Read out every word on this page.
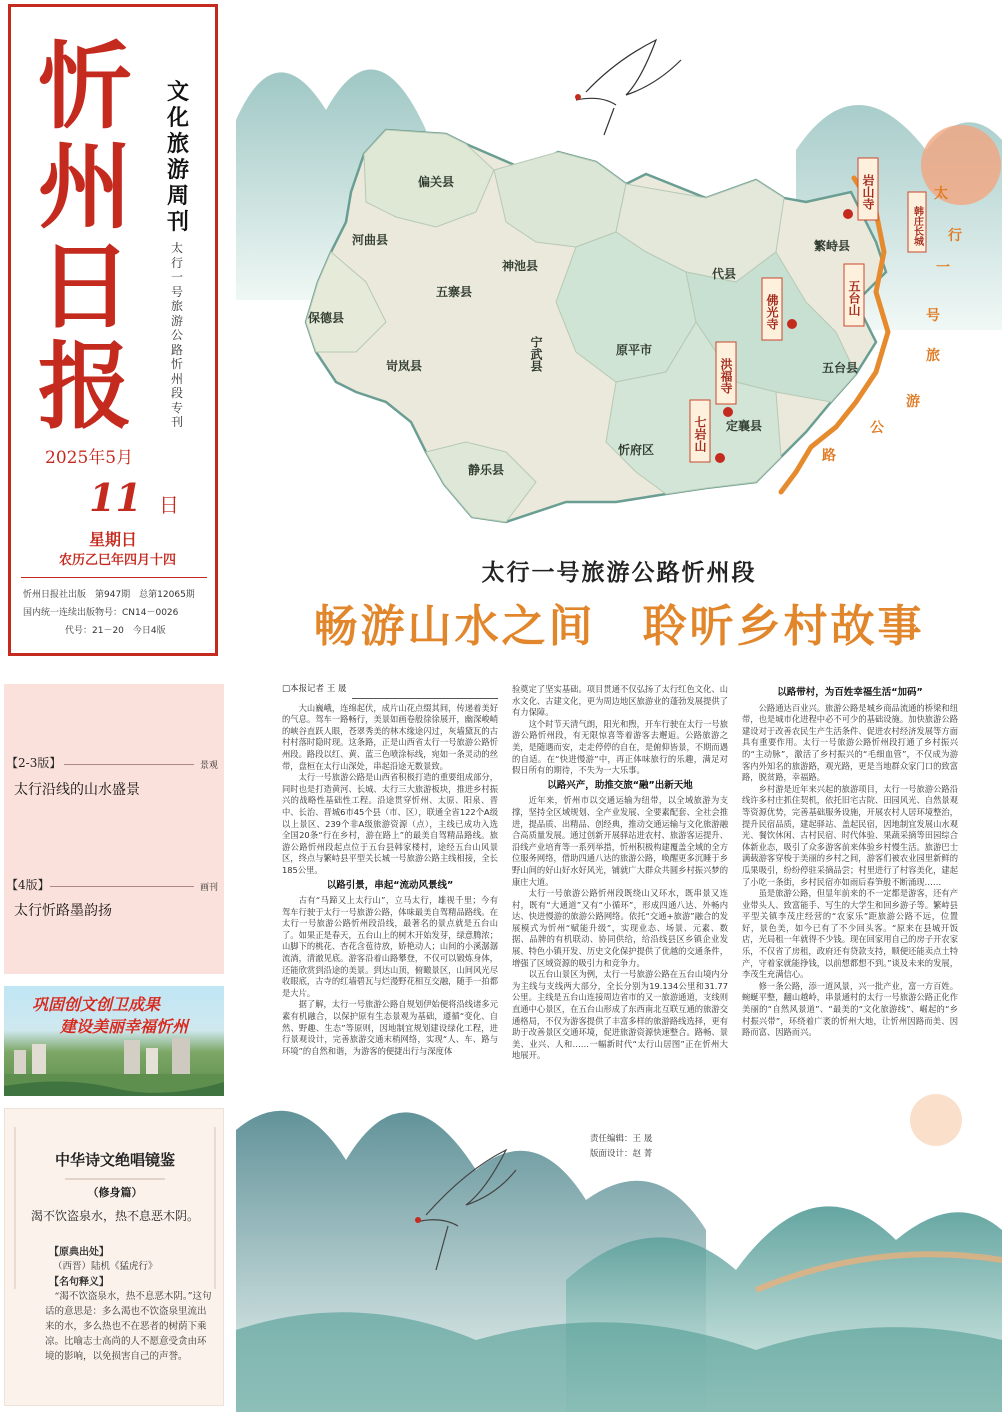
忻州日报
文化旅游周刊
太行一号旅游公路忻州段专刊
2025年5月
11 日
星期日
农历乙巳年四月十四
忻州日报社出版　第947期　总第12065期
国内统一连续出版物号：CN14－0026
代号：21－20　今日4版
【2-3版】	景观
太行沿线的山水盛景
【4版】	画刊
太行忻路墨韵扬
巩固创文创卫成果
建设美丽幸福忻州
中华诗文绝唱镜鉴
（修身篇）
渴不饮盗泉水，热不息恶木阴。
【原典出处】
（西晋）陆机《猛虎行》
【名句释义】
“渴不饮盗泉水，热不息恶木阴。”这句话的意思是：多么渴也不饮盗泉里流出来的水，多么热也不在恶者的树荫下乘凉。比喻志士高尚的人不愿意受贪由环境的影响，以免损害自己的声誉。
偏关县
河曲县
保德县
岢岚县
五寨县
神池县
宁武县	原平市
代县
繁峙县
五台县
定襄县
忻府区
静乐县
岩山寺
佛光寺
洪福寺
七岩山
五台山
韩庄长城
太
行
一
号
旅
游
公
路
太行一号旅游公路忻州段
畅游山水之间　聆听乡村故事
□本报记者 王 晟

大山巍峨，连绵起伏，成片山花点缀其间，传递着美好的气息。驾车一路畅行，美景如画卷般徐徐展开，幽深峻峭的峡谷直跃人眼，苍翠秀美的林木缘途闪过，灰墙黛瓦的古村村落时隐时现。这条路，正是山西省太行一号旅游公路忻州段。路段以红、黄、蓝三色喷涂标线，宛如一条灵动的丝带，盘桓在太行山深处，串起沿途无数景致。

太行一号旅游公路是山西省积极打造的重要组成部分，同时也是打造黄河、长城、太行三大旅游板块，推进乡村振兴的战略性基础性工程。沿途贯穿忻州、太原、阳泉、晋中、长治、晋城6市45个县（市、区），联通全省122个A级以上景区、239个非A级旅游资源（点），主线已成功入选全国20条“行在乡村，游在路上”的最美自驾精品路线。旅游公路忻州段起点位于五台县韩家楼村，途经五台山风景区，终点与繁峙县平型关长城一号旅游公路主线相接，全长185公里。

以路引景，串起“流动风景线”

古有“马蹄又上太行山”，立马太行，雄视千里；今有驾车行驶于太行一号旅游公路，体味最美自驾精品路线。在太行一号旅游公路忻州段沿线，最著名的景点就是五台山了。如果正是春天，五台山上的树木开始发芽，绿意腾浓；山脚下的桃花、杏花含苞待放，娇艳动人；山间的小溪潺潺流淌，清澈见底。游客沿着山路攀登，不仅可以锻炼身体，还能欣赏到沿途的美景。到达山顶，俯瞰景区，山间风光尽收眼底，古寺的红墙碧瓦与烂漫野花相互交融，随手一拍都是大片。

据了解，太行一号旅游公路自规划伊始便将沿线诸多元素有机融合，以保护原有生态景观为基础，遵循“变化、自然、野趣、生态”等原则，因地制宜规划建设绿化工程，进行景观设计，完善旅游交通末梢网络，实现“人、车、路与环境”的自然和谐，为游客的便捷出行与深度体

验奠定了坚实基础。项目贯通不仅弘扬了太行红色文化、山水文化、古建文化，更为周边地区旅游业的蓬勃发展提供了有力保障。

这个时节天清气朗，阳光和煦，开车行驶在太行一号旅游公路忻州段，有无限惊喜等着游客去邂逅。公路旅游之美，是随遇而安，走走停停的自在，是俯仰皆景，不期而遇的自适。在“快进慢游”中，再正体味旅行的乐趣，满足对假日所有的期待，不失为一大乐事。

以路兴产，助推交旅“融”出新天地

近年来，忻州市以交通运输为纽带，以全域旅游为支撑，坚持全区域规划、全产业发展、全要素配套、全社会推进，提品质、出精品、创经典，推动交通运输与文化旅游融合高质量发展。通过创新开展驿站进农村、旅游客运提升、沿线产业培育等一系列举措，忻州积极构建覆盖全域的全方位服务网络，借助四通八达的旅游公路，唤醒更多沉睡于乡野山间的好山好水好风光，铺就广大群众共圆乡村振兴梦的康庄大道。

太行一号旅游公路忻州段既绕山又环水，既串景又连村，既有“大通道”又有“小循环”，形成四通八达、外畅内达、快进慢游的旅游公路网络。依托“交通+旅游”融合的发展模式为忻州“赋能升级”，实现业态、场景、元素、数据、品牌的有机联动、协同供给，给沿线县区乡镇企业发展、特色小镇开发、历史文化保护提供了优越的交通条件，增强了区域资源的吸引力和竞争力。

以五台山景区为例，太行一号旅游公路在五台山境内分为主线与支线两大部分，全长分别为19.134公里和31.77公里。主线是五台山连接周边省市的又一旅游通道，支线则直通中心景区，在五台山形成了东西南北互联互通的旅游交通格局，不仅为游客提供了丰富多样的旅游路线选择，更有助于改善景区交通环境，促进旅游资源快速整合。路畅、景美、业兴、人和……一幅新时代“太行山居图”正在忻州大地展开。

以路带村，为百姓幸福生活“加码”

公路通达百业兴。旅游公路是城乡商品流通的桥梁和纽带，也是城市化进程中必不可少的基础设施。加快旅游公路建设对于改善农民生产生活条件、促进农村经济发展等方面具有重要作用。太行一号旅游公路忻州段打通了乡村振兴的“主动脉”，激活了乡村振兴的“毛细血管”，不仅成为游客内外知名的旅游路，观光路，更是当地群众家门口的致富路，脱贫路，幸福路。

乡村游是近年来兴起的旅游项目，太行一号旅游公路沿线许多村庄抓住契机，依托旧宅古院、田园风光、自然景观等资源优势，完善基础服务设施，开展农村人居环境整治，提升民宿品质，建起驿站、盖起民宿，因地制宜发展山水观光、餐饮休闲、古村民宿、时代体验、果蔬采摘等田园综合体新业态，吸引了众多游客前来体验乡村慢生活。旅游巴士满载游客穿梭于美丽的乡村之间，游客们被农业园里新鲜的瓜果吸引，纷纷停驻采摘品尝；村里进行了村容美化，建起了小吃一条街，乡村民宿亦如雨后春笋般不断涌现……

虽是旅游公路，但显年前来的不一定都是游客，还有产业带头人、致富能手、写生的大学生和回乡游子等。繁峙县平型关镇李茂庄经营的“农家乐”距旅游公路不远，位置好，景色美，如今已有了不少回头客。“原来在县城开饭店，光局租一年就得不少钱。现在回家用自己的房子开农家乐，不仅省了房租，政府还有贷款支持，顺便还能卖点土特产，守着家就能挣钱，以前想都想不到。”谈及未来的发展，李茂生充满信心。

修一条公路，添一道风景，兴一批产业，富一方百姓。蜿蜒平整，翻山越岭，串景通村的太行一号旅游公路正化作美丽的“自然风景道”、“最美的“文化旅游线”、崛起的“乡村振兴带”，环绕着广袤的忻州大地，让忻州因路而美、因路而富、因路而兴。

责任编辑：王 晟
版面设计：赵 菁
